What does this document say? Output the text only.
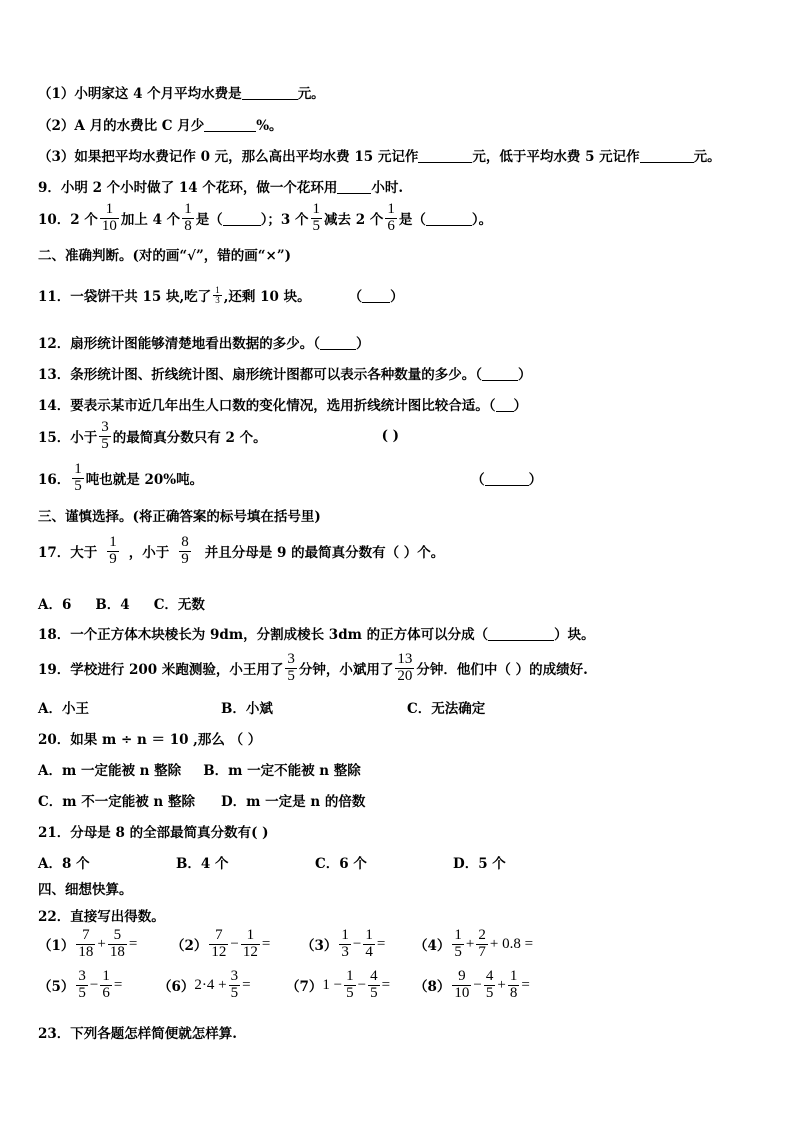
（1）小明家这 4 个月平均水费是	元。
（2）A 月的水费比 C 月少	%。
（3）如果把平均水费记作 0 元，那么高出平均水费 15 元记作	元，低于平均水费 5 元记作	元。
9．小明 2 个小时做了 14 个花环，做一个花环用	小时.
10．2 个 $\frac{1}{10}$ 加上 4 个 $\frac{1}{8}$ 是（	）；3 个 $\frac{1}{5}$ 减去 2 个 $\frac{1}{6}$ 是（	）。
二、准确判断。(对的画“√”，错的画“×”)
11．一袋饼干共 15 块,吃了 $\frac{1}{3}$ ,还剩 10 块。	（ ）
12．扇形统计图能够清楚地看出数据的多少。（	）
13．条形统计图、折线统计图、扇形统计图都可以表示各种数量的多少。（	）
14．要表示某市近几年出生人口数的变化情况，选用折线统计图比较合适。（ ）
15．小于 $\frac{3}{5}$ 的最简真分数只有 2 个。	( )
16． $\frac{1}{5}$ 吨也就是 20%吨。	（	）
三、谨慎选择。(将正确答案的标号填在括号里)
17．大于 $\frac{1}{9}$ ，小于 $\frac{8}{9}$ 并且分母是 9 的最简真分数有（ ）个。
A．6 B．4 C．无数
18．一个正方体木块棱长为 9dm，分割成棱长 3dm 的正方体可以分成（	）块。
19．学校进行 200 米跑测验，小王用了 $\frac{3}{5}$ 分钟，小斌用了 $\frac{13}{20}$ 分钟．他们中（ ）的成绩好.
A．小王	B．小斌	C．无法确定
20．如果 m ÷ n ＝ 10 ,那么 （ ）
A．m 一定能被 n 整除 B．m 一定不能被 n 整除
C．m 不一定能被 n 整除 D．m 一定是 n 的倍数
21．分母是 8 的全部最简真分数有( )
A．8 个	B．4 个	C．6 个	D．5 个
四、细想快算。
22．直接写出得数。
$(1) \frac{7}{18} + \frac{5}{18} = (2) \frac{7}{12} - \frac{1}{12} = (3) \frac{1}{3} - \frac{1}{4} = (4) \frac{1}{5} + \frac{2}{7} + 0.8$ =
$(5) \frac{3}{5} - \frac{1}{6}$ =	（6） $2\cdot 4 + \frac{3}{5}$ =	（7） $1 - \frac{1}{5} - \frac{4}{5} = (8) \frac{9}{10} - \frac{4}{5} + \frac{1}{8}$ =
23．下列各题怎样简便就怎样算.
